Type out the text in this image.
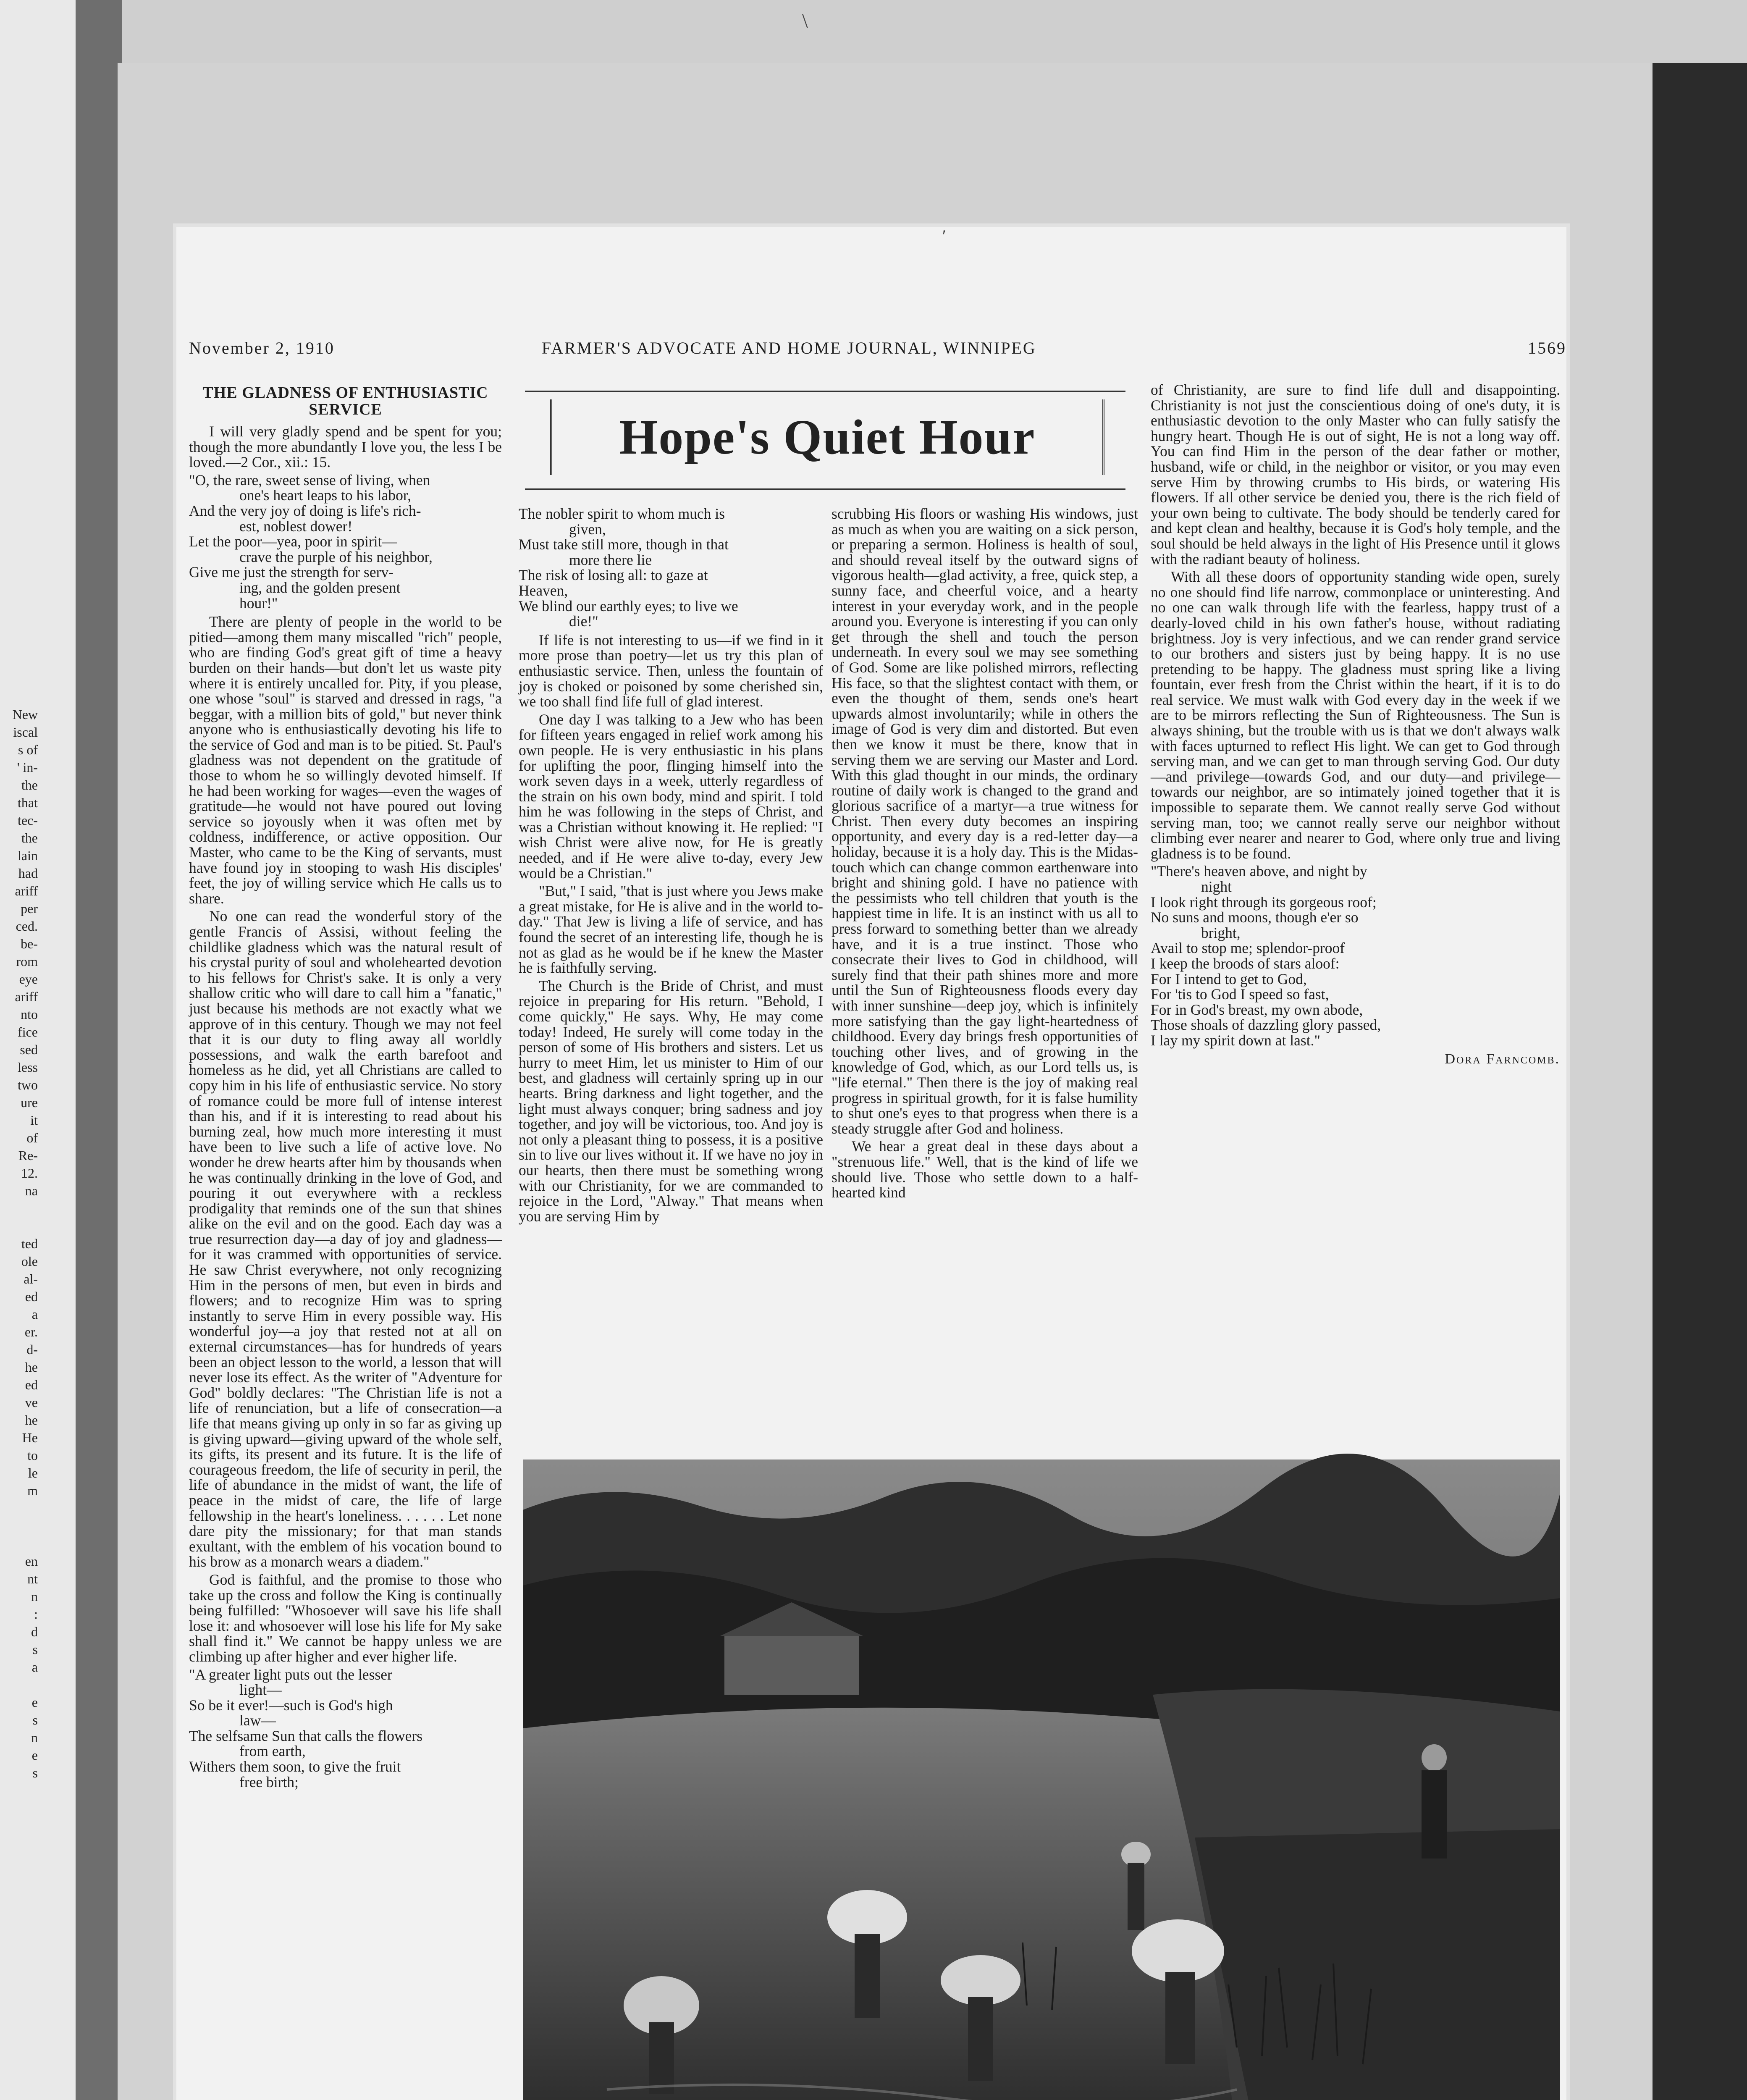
New
iscal
s of
' in-
the
that
tec-
the
lain
had
ariff
per
ced.
be-
rom
eye
ariff
nto
fice
sed
less
two
ure
it
of
Re-
12.
na

ted
ole
al-
ed
a
er.
d-
he
ed
ve
he
He
to
le
m

en
nt
n
:
d
s
a

e
s
n
e
s
\
ʹ
November 2, 1910	FARMER'S ADVOCATE AND HOME JOURNAL, WINNIPEG	1569
Hope's Quiet Hour
THE GLADNESS OF ENTHUSIASTIC SERVICE

I will very gladly spend and be spent for you; though the more abundantly I love you, the less I be loved.—2 Cor., xii.: 15.

"O, the rare, sweet sense of living, when
one's heart leaps to his labor,
And the very joy of doing is life's rich-
est, noblest dower!
Let the poor—yea, poor in spirit—
crave the purple of his neighbor,
Give me just the strength for serv-
ing, and the golden present
hour!"

There are plenty of people in the world to be pitied—among them many miscalled "rich" people, who are finding God's great gift of time a heavy burden on their hands—but don't let us waste pity where it is entirely uncalled for. Pity, if you please, one whose "soul" is starved and dressed in rags, "a beggar, with a million bits of gold," but never think anyone who is enthusiastically devoting his life to the service of God and man is to be pitied. St. Paul's gladness was not dependent on the gratitude of those to whom he so willingly devoted himself. If he had been working for wages—even the wages of gratitude—he would not have poured out loving service so joyously when it was often met by coldness, indifference, or active opposition. Our Master, who came to be the King of servants, must have found joy in stooping to wash His disciples' feet, the joy of willing service which He calls us to share.

No one can read the wonderful story of the gentle Francis of Assisi, without feeling the childlike gladness which was the natural result of his crystal purity of soul and wholehearted devotion to his fellows for Christ's sake. It is only a very shallow critic who will dare to call him a "fanatic," just because his methods are not exactly what we approve of in this century. Though we may not feel that it is our duty to fling away all worldly possessions, and walk the earth barefoot and homeless as he did, yet all Christians are called to copy him in his life of enthusiastic service. No story of romance could be more full of intense interest than his, and if it is interesting to read about his burning zeal, how much more interesting it must have been to live such a life of active love. No wonder he drew hearts after him by thousands when he was continually drinking in the love of God, and pouring it out everywhere with a reckless prodigality that reminds one of the sun that shines alike on the evil and on the good. Each day was a true resurrection day—a day of joy and gladness—for it was crammed with opportunities of service. He saw Christ everywhere, not only recognizing Him in the persons of men, but even in birds and flowers; and to recognize Him was to spring instantly to serve Him in every possible way. His wonderful joy—a joy that rested not at all on external circumstances—has for hundreds of years been an object lesson to the world, a lesson that will never lose its effect. As the writer of "Adventure for God" boldly declares: "The Christian life is not a life of renunciation, but a life of consecration—a life that means giving up only in so far as giving up is giving upward—giving upward of the whole self, its gifts, its present and its future. It is the life of courageous freedom, the life of security in peril, the life of abundance in the midst of want, the life of peace in the midst of care, the life of large fellowship in the heart's loneliness. . . . . . Let none dare pity the missionary; for that man stands exultant, with the emblem of his vocation bound to his brow as a monarch wears a diadem."

God is faithful, and the promise to those who take up the cross and follow the King is continually being fulfilled: "Whosoever will save his life shall lose it: and whosoever will lose his life for My sake shall find it." We cannot be happy unless we are climbing up after higher and ever higher life.

"A greater light puts out the lesser
light—
So be it ever!—such is God's high
law—
The selfsame Sun that calls the flowers
from earth,
Withers them soon, to give the fruit
free birth;
The nobler spirit to whom much is
given,
Must take still more, though in that
more there lie
The risk of losing all: to gaze at
Heaven,
We blind our earthly eyes; to live we
die!"

If life is not interesting to us—if we find in it more prose than poetry—let us try this plan of enthusiastic service. Then, unless the fountain of joy is choked or poisoned by some cherished sin, we too shall find life full of glad interest.

One day I was talking to a Jew who has been for fifteen years engaged in relief work among his own people. He is very enthusiastic in his plans for uplifting the poor, flinging himself into the work seven days in a week, utterly regardless of the strain on his own body, mind and spirit. I told him he was following in the steps of Christ, and was a Christian without knowing it. He replied: "I wish Christ were alive now, for He is greatly needed, and if He were alive to-day, every Jew would be a Christian."

"But," I said, "that is just where you Jews make a great mistake, for He is alive and in the world to-day." That Jew is living a life of service, and has found the secret of an interesting life, though he is not as glad as he would be if he knew the Master he is faithfully serving.

The Church is the Bride of Christ, and must rejoice in preparing for His return. "Behold, I come quickly," He says. Why, He may come today! Indeed, He surely will come today in the person of some of His brothers and sisters. Let us hurry to meet Him, let us minister to Him of our best, and gladness will certainly spring up in our hearts. Bring darkness and light together, and the light must always conquer; bring sadness and joy together, and joy will be victorious, too. And joy is not only a pleasant thing to possess, it is a positive sin to live our lives without it. If we have no joy in our hearts, then there must be something wrong with our Christianity, for we are commanded to rejoice in the Lord, "Alway." That means when you are serving Him by

scrubbing His floors or washing His windows, just as much as when you are waiting on a sick person, or preparing a sermon. Holiness is health of soul, and should reveal itself by the outward signs of vigorous health—glad activity, a free, quick step, a sunny face, and cheerful voice, and a hearty interest in your everyday work, and in the people around you. Everyone is interesting if you can only get through the shell and touch the person underneath. In every soul we may see something of God. Some are like polished mirrors, reflecting His face, so that the slightest contact with them, or even the thought of them, sends one's heart upwards almost involuntarily; while in others the image of God is very dim and distorted. But even then we know it must be there, know that in serving them we are serving our Master and Lord. With this glad thought in our minds, the ordinary routine of daily work is changed to the grand and glorious sacrifice of a martyr—a true witness for Christ. Then every duty becomes an inspiring opportunity, and every day is a red-letter day—a holiday, because it is a holy day. This is the Midas-touch which can change common earthenware into bright and shining gold. I have no patience with the pessimists who tell children that youth is the happiest time in life. It is an instinct with us all to press forward to something better than we already have, and it is a true instinct. Those who consecrate their lives to God in childhood, will surely find that their path shines more and more until the Sun of Righteousness floods every day with inner sunshine—deep joy, which is infinitely more satisfying than the gay light-heartedness of childhood. Every day brings fresh opportunities of touching other lives, and of growing in the knowledge of God, which, as our Lord tells us, is "life eternal." Then there is the joy of making real progress in spiritual growth, for it is false humility to shut one's eyes to that progress when there is a steady struggle after God and holiness.

We hear a great deal in these days about a "strenuous life." Well, that is the kind of life we should live. Those who settle down to a half-hearted kind

of Christianity, are sure to find life dull and disappointing. Christianity is not just the conscientious doing of one's duty, it is enthusiastic devotion to the only Master who can fully satisfy the hungry heart. Though He is out of sight, He is not a long way off. You can find Him in the person of the dear father or mother, husband, wife or child, in the neighbor or visitor, or you may even serve Him by throwing crumbs to His birds, or watering His flowers. If all other service be denied you, there is the rich field of your own being to cultivate. The body should be tenderly cared for and kept clean and healthy, because it is God's holy temple, and the soul should be held always in the light of His Presence until it glows with the radiant beauty of holiness.

With all these doors of opportunity standing wide open, surely no one should find life narrow, commonplace or uninteresting. And no one can walk through life with the fearless, happy trust of a dearly-loved child in his own father's house, without radiating brightness. Joy is very infectious, and we can render grand service to our brothers and sisters just by being happy. It is no use pretending to be happy. The gladness must spring like a living fountain, ever fresh from the Christ within the heart, if it is to do real service. We must walk with God every day in the week if we are to be mirrors reflecting the Sun of Righteousness. The Sun is always shining, but the trouble with us is that we don't always walk with faces upturned to reflect His light. We can get to God through serving man, and we can get to man through serving God. Our duty—and privilege—towards God, and our duty—and privilege—towards our neighbor, are so intimately joined together that it is impossible to separate them. We cannot really serve God without serving man, too; we cannot really serve our neighbor without climbing ever nearer and nearer to God, where only true and living gladness is to be found.

"There's heaven above, and night by
night
I look right through its gorgeous roof;
No suns and moons, though e'er so
bright,
Avail to stop me; splendor-proof
I keep the broods of stars aloof:
For I intend to get to God,
For 'tis to God I speed so fast,
For in God's breast, my own abode,
Those shoals of dazzling glory passed,
I lay my spirit down at last."
Dora Farncomb.
